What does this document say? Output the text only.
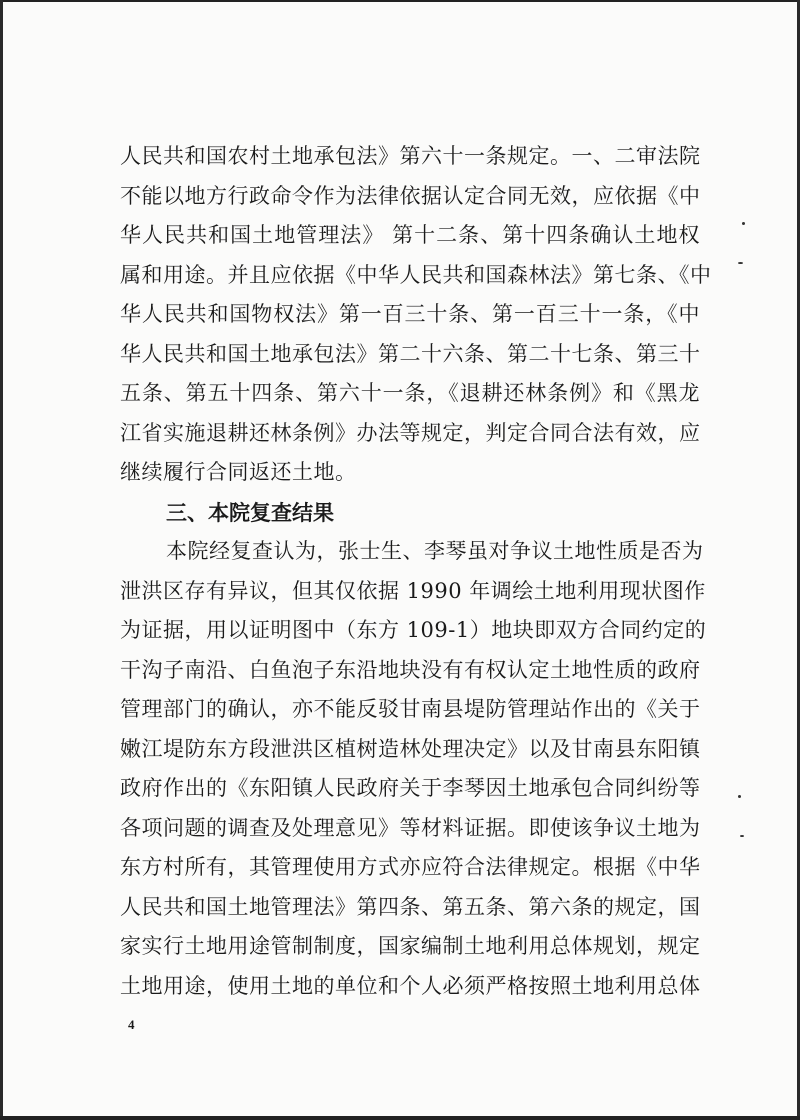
人民共和国农村土地承包法》第六十一条规定。一、二审法院
不能以地方行政命令作为法律依据认定合同无效，应依据《中
华人民共和国土地管理法》 第十二条、第十四条确认土地权
属和用途。并且应依据《中华人民共和国森林法》第七条、《中
华人民共和国物权法》第一百三十条、第一百三十一条，《中
华人民共和国土地承包法》第二十六条、第二十七条、第三十
五条、第五十四条、第六十一条，《退耕还林条例》和《黑龙
江省实施退耕还林条例》办法等规定，判定合同合法有效，应
继续履行合同返还土地。
三、本院复查结果
本院经复查认为，张士生、李琴虽对争议土地性质是否为
泄洪区存有异议，但其仅依据 1990 年调绘土地利用现状图作
为证据，用以证明图中（东方 109-1）地块即双方合同约定的
干沟子南沿、白鱼泡子东沿地块没有有权认定土地性质的政府
管理部门的确认，亦不能反驳甘南县堤防管理站作出的《关于
嫩江堤防东方段泄洪区植树造林处理决定》以及甘南县东阳镇
政府作出的《东阳镇人民政府关于李琴因土地承包合同纠纷等
各项问题的调查及处理意见》等材料证据。即使该争议土地为
东方村所有，其管理使用方式亦应符合法律规定。根据《中华
人民共和国土地管理法》第四条、第五条、第六条的规定，国
家实行土地用途管制制度，国家编制土地利用总体规划，规定
土地用途，使用土地的单位和个人必须严格按照土地利用总体
4
